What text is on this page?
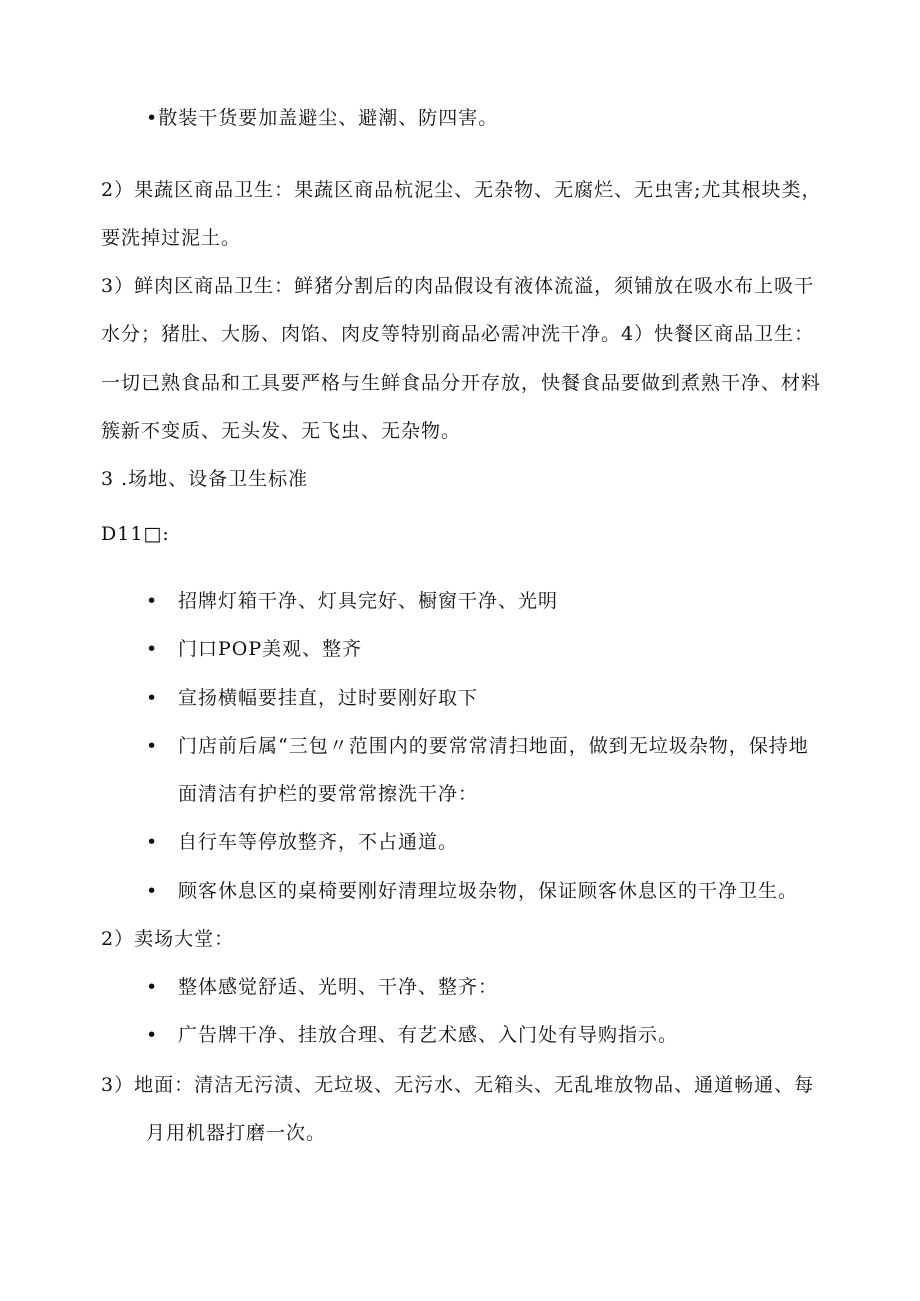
•散装干货要加盖避尘、避潮、防四害。
2）果蔬区商品卫生：果蔬区商品杭泥尘、无杂物、无腐烂、无虫害;尤其根块类，
要洗掉过泥土。
3）鲜肉区商品卫生：鲜猪分割后的肉品假设有液体流溢，须铺放在吸水布上吸干
水分；猪肚、大肠、肉馅、肉皮等特别商品必需冲洗干净。4）快餐区商品卫生：
一切已熟食品和工具要严格与生鲜食品分开存放，快餐食品要做到煮熟干净、材料
簇新不变质、无头发、无飞虫、无杂物。
3 .场地、设备卫生标准
D11□:
• 招牌灯箱干净、灯具完好、橱窗干净、光明
• 门口POP美观、整齐
• 宣扬横幅要挂直，过时要刚好取下
• 门店前后属“三包〃范围内的要常常清扫地面，做到无垃圾杂物，保持地
面清洁有护栏的要常常擦洗干净：
• 自行车等停放整齐，不占通道。
• 顾客休息区的桌椅要刚好清理垃圾杂物，保证顾客休息区的干净卫生。
2）卖场大堂：
• 整体感觉舒适、光明、干净、整齐：
• 广告牌干净、挂放合理、有艺术感、入门处有导购指示。
3）地面：清洁无污渍、无垃圾、无污水、无箱头、无乱堆放物品、通道畅通、每
月用机器打磨一次。
